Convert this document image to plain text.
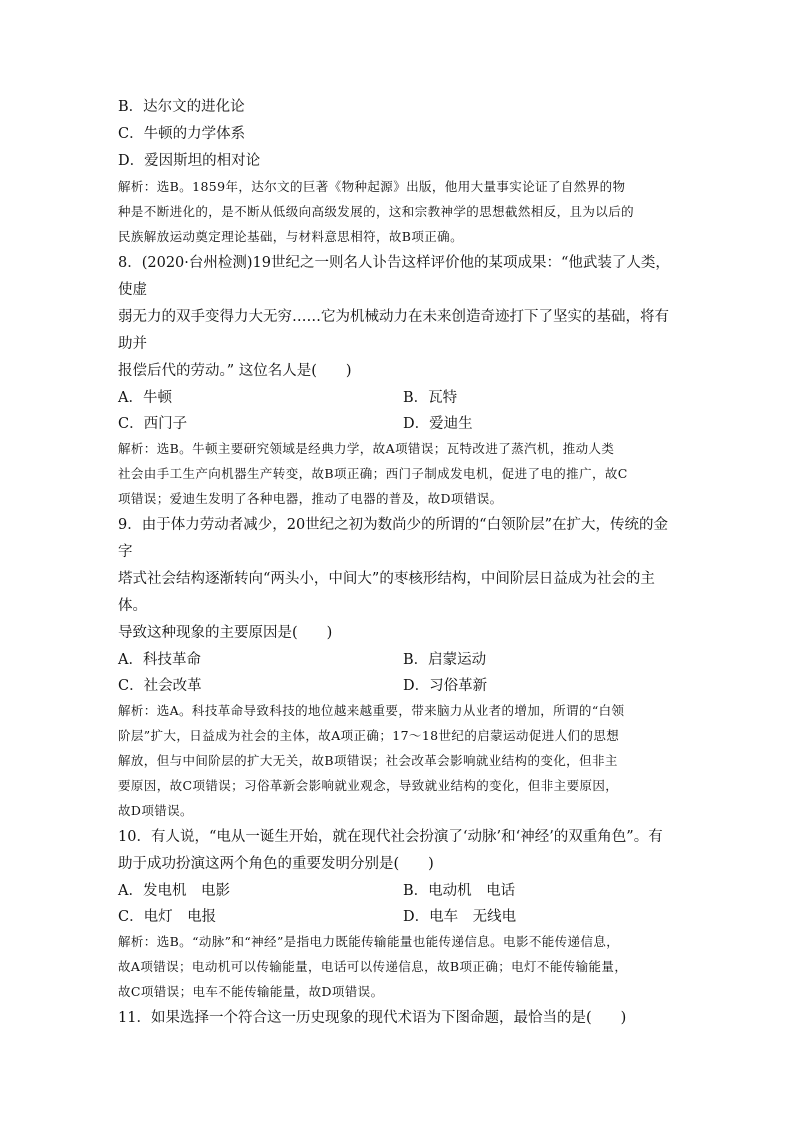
B．达尔文的进化论

C．牛顿的力学体系

D．爱因斯坦的相对论

解析：选B。1859年，达尔文的巨著《物种起源》出版，他用大量事实论证了自然界的物

种是不断进化的，是不断从低级向高级发展的，这和宗教神学的思想截然相反，且为以后的

民族解放运动奠定理论基础，与材料意思相符，故B项正确。

8．(2020·台州检测)19世纪之一则名人讣告这样评价他的某项成果：“他武装了人类，使虚

弱无力的双手变得力大无穷……它为机械动力在未来创造奇迹打下了坚实的基础，将有助并

报偿后代的劳动。” 这位名人是(　　)

A．牛顿	B．瓦特
C．西门子	D．爱迪生

解析：选B。牛顿主要研究领域是经典力学，故A项错误；瓦特改进了蒸汽机，推动人类

社会由手工生产向机器生产转变，故B项正确；西门子制成发电机，促进了电的推广，故C

项错误；爱迪生发明了各种电器，推动了电器的普及，故D项错误。

9．由于体力劳动者减少，20世纪之初为数尚少的所谓的“白领阶层”在扩大，传统的金字

塔式社会结构逐渐转向“两头小，中间大”的枣核形结构，中间阶层日益成为社会的主体。

导致这种现象的主要原因是(　　)

A．科技革命	B．启蒙运动
C．社会改革	D．习俗革新

解析：选A。科技革命导致科技的地位越来越重要，带来脑力从业者的增加，所谓的“白领

阶层”扩大，日益成为社会的主体，故A项正确；17～18世纪的启蒙运动促进人们的思想

解放，但与中间阶层的扩大无关，故B项错误；社会改革会影响就业结构的变化，但非主

要原因，故C项错误；习俗革新会影响就业观念，导致就业结构的变化，但非主要原因，

故D项错误。

10．有人说，“电从一诞生开始，就在现代社会扮演了‘动脉’和‘神经’的双重角色”。有

助于成功扮演这两个角色的重要发明分别是(　　)

A．发电机　电影	B．电动机　电话
C．电灯　电报	D．电车　无线电

解析：选B。“动脉”和“神经”是指电力既能传输能量也能传递信息。电影不能传递信息，

故A项错误；电动机可以传输能量，电话可以传递信息，故B项正确；电灯不能传输能量，

故C项错误；电车不能传输能量，故D项错误。

11．如果选择一个符合这一历史现象的现代术语为下图命题，最恰当的是(　　)
